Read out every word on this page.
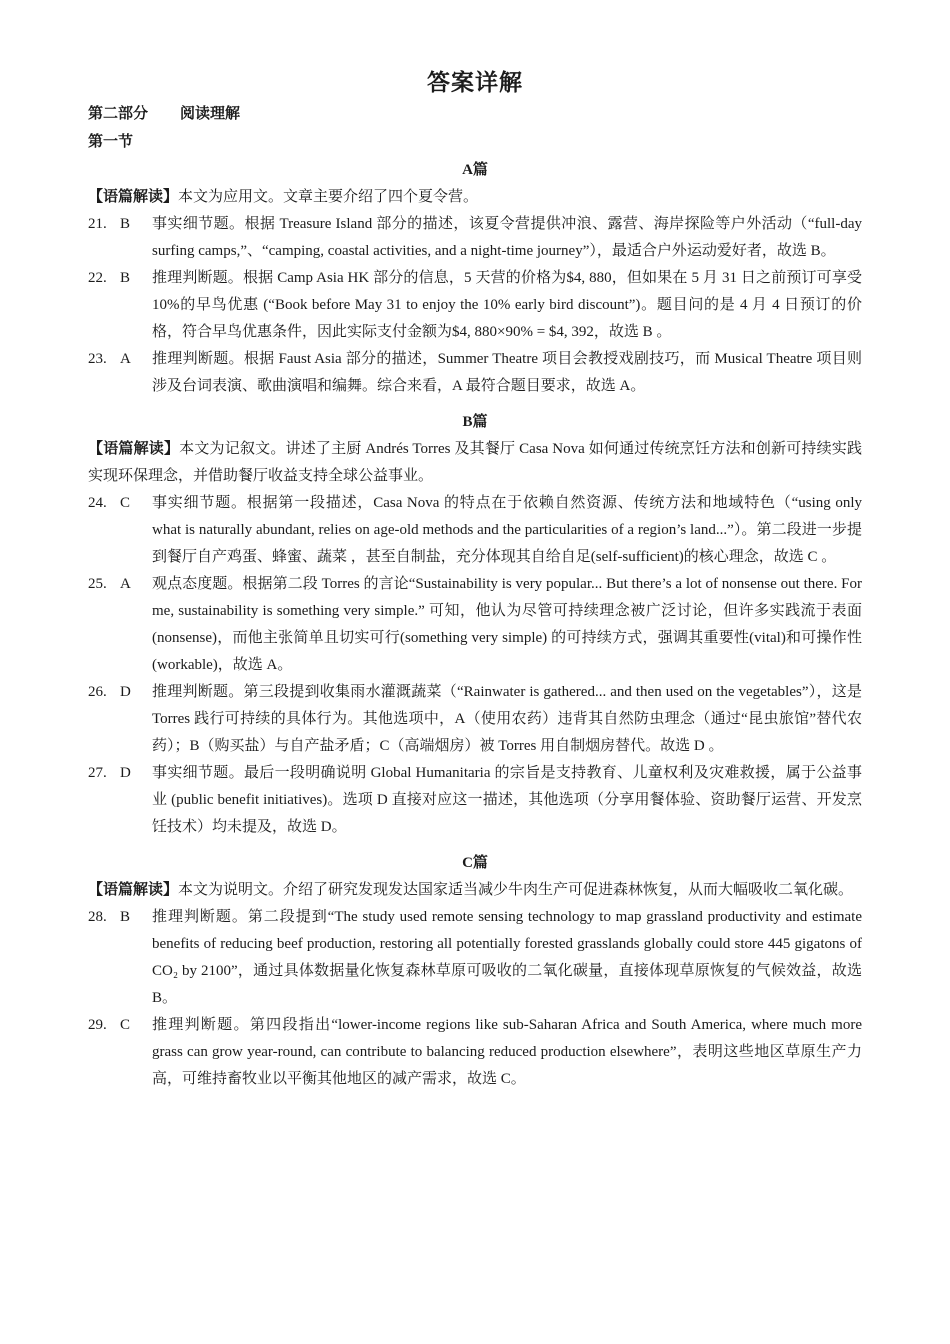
答案详解
第二部分 阅读理解
第一节
A篇
【语篇解读】本文为应用文。文章主要介绍了四个夏令营。
21. B	事实细节题。根据 Treasure Island 部分的描述，该夏令营提供冲浪、露营、海岸探险等户外活动（“full-day surfing camps,”、“camping, coastal activities, and a night-time journey”），最适合户外运动爱好者，故选 B。
22. B	推理判断题。根据 Camp Asia HK 部分的信息，5 天营的价格为$4, 880，但如果在 5 月 31 日之前预订可享受 10%的早鸟优惠 (“Book before May 31 to enjoy the 10% early bird discount”)。题目问的是 4 月 4 日预订的价格，符合早鸟优惠条件，因此实际支付金额为$4, 880×90% = $4, 392，故选 B 。
23. A	推理判断题。根据 Faust Asia 部分的描述，Summer Theatre 项目会教授戏剧技巧，而 Musical Theatre 项目则涉及台词表演、歌曲演唱和编舞。综合来看，A 最符合题目要求，故选 A。
B篇
【语篇解读】本文为记叙文。讲述了主厨 Andrés Torres 及其餐厅 Casa Nova 如何通过传统烹饪方法和创新可持续实践实现环保理念，并借助餐厅收益支持全球公益事业。
24. C	事实细节题。根据第一段描述，Casa Nova 的特点在于依赖自然资源、传统方法和地域特色（“using only what is naturally abundant, relies on age-old methods and the particularities of a region’s land...”）。第二段进一步提到餐厅自产鸡蛋、蜂蜜、蔬菜 ，甚至自制盐，充分体现其自给自足(self-sufficient)的核心理念，故选 C 。
25. A	观点态度题。根据第二段 Torres 的言论“Sustainability is very popular... But there’s a lot of nonsense out there. For me, sustainability is something very simple.” 可知，他认为尽管可持续理念被广泛讨论，但许多实践流于表面 (nonsense)，而他主张简单且切实可行(something very simple) 的可持续方式，强调其重要性(vital)和可操作性(workable)，故选 A。
26. D	推理判断题。第三段提到收集雨水灌溉蔬菜（“Rainwater is gathered... and then used on the vegetables”），这是 Torres 践行可持续的具体行为。其他选项中，A（使用农药）违背其自然防虫理念（通过“昆虫旅馆”替代农药）；B（购买盐）与自产盐矛盾；C（高端烟房）被 Torres 用自制烟房替代。故选 D 。
27. D	事实细节题。最后一段明确说明 Global Humanitaria 的宗旨是支持教育、儿童权利及灾难救援，属于公益事业 (public benefit initiatives)。选项 D 直接对应这一描述，其他选项（分享用餐体验、资助餐厅运营、开发烹饪技术）均未提及，故选 D。
C篇
【语篇解读】本文为说明文。介绍了研究发现发达国家适当减少牛肉生产可促进森林恢复，从而大幅吸收二氧化碳。
28. B	推理判断题。第二段提到“The study used remote sensing technology to map grassland productivity and estimate benefits of reducing beef production, restoring all potentially forested grasslands globally could store 445 gigatons of CO₂ by 2100”，通过具体数据量化恢复森林草原可吸收的二氧化碳量，直接体现草原恢复的气候效益，故选 B。
29. C	推理判断题。第四段指出“lower-income regions like sub-Saharan Africa and South America, where much more grass can grow year-round, can contribute to balancing reduced production elsewhere”，表明这些地区草原生产力高，可维持畜牧业以平衡其他地区的减产需求，故选 C。
